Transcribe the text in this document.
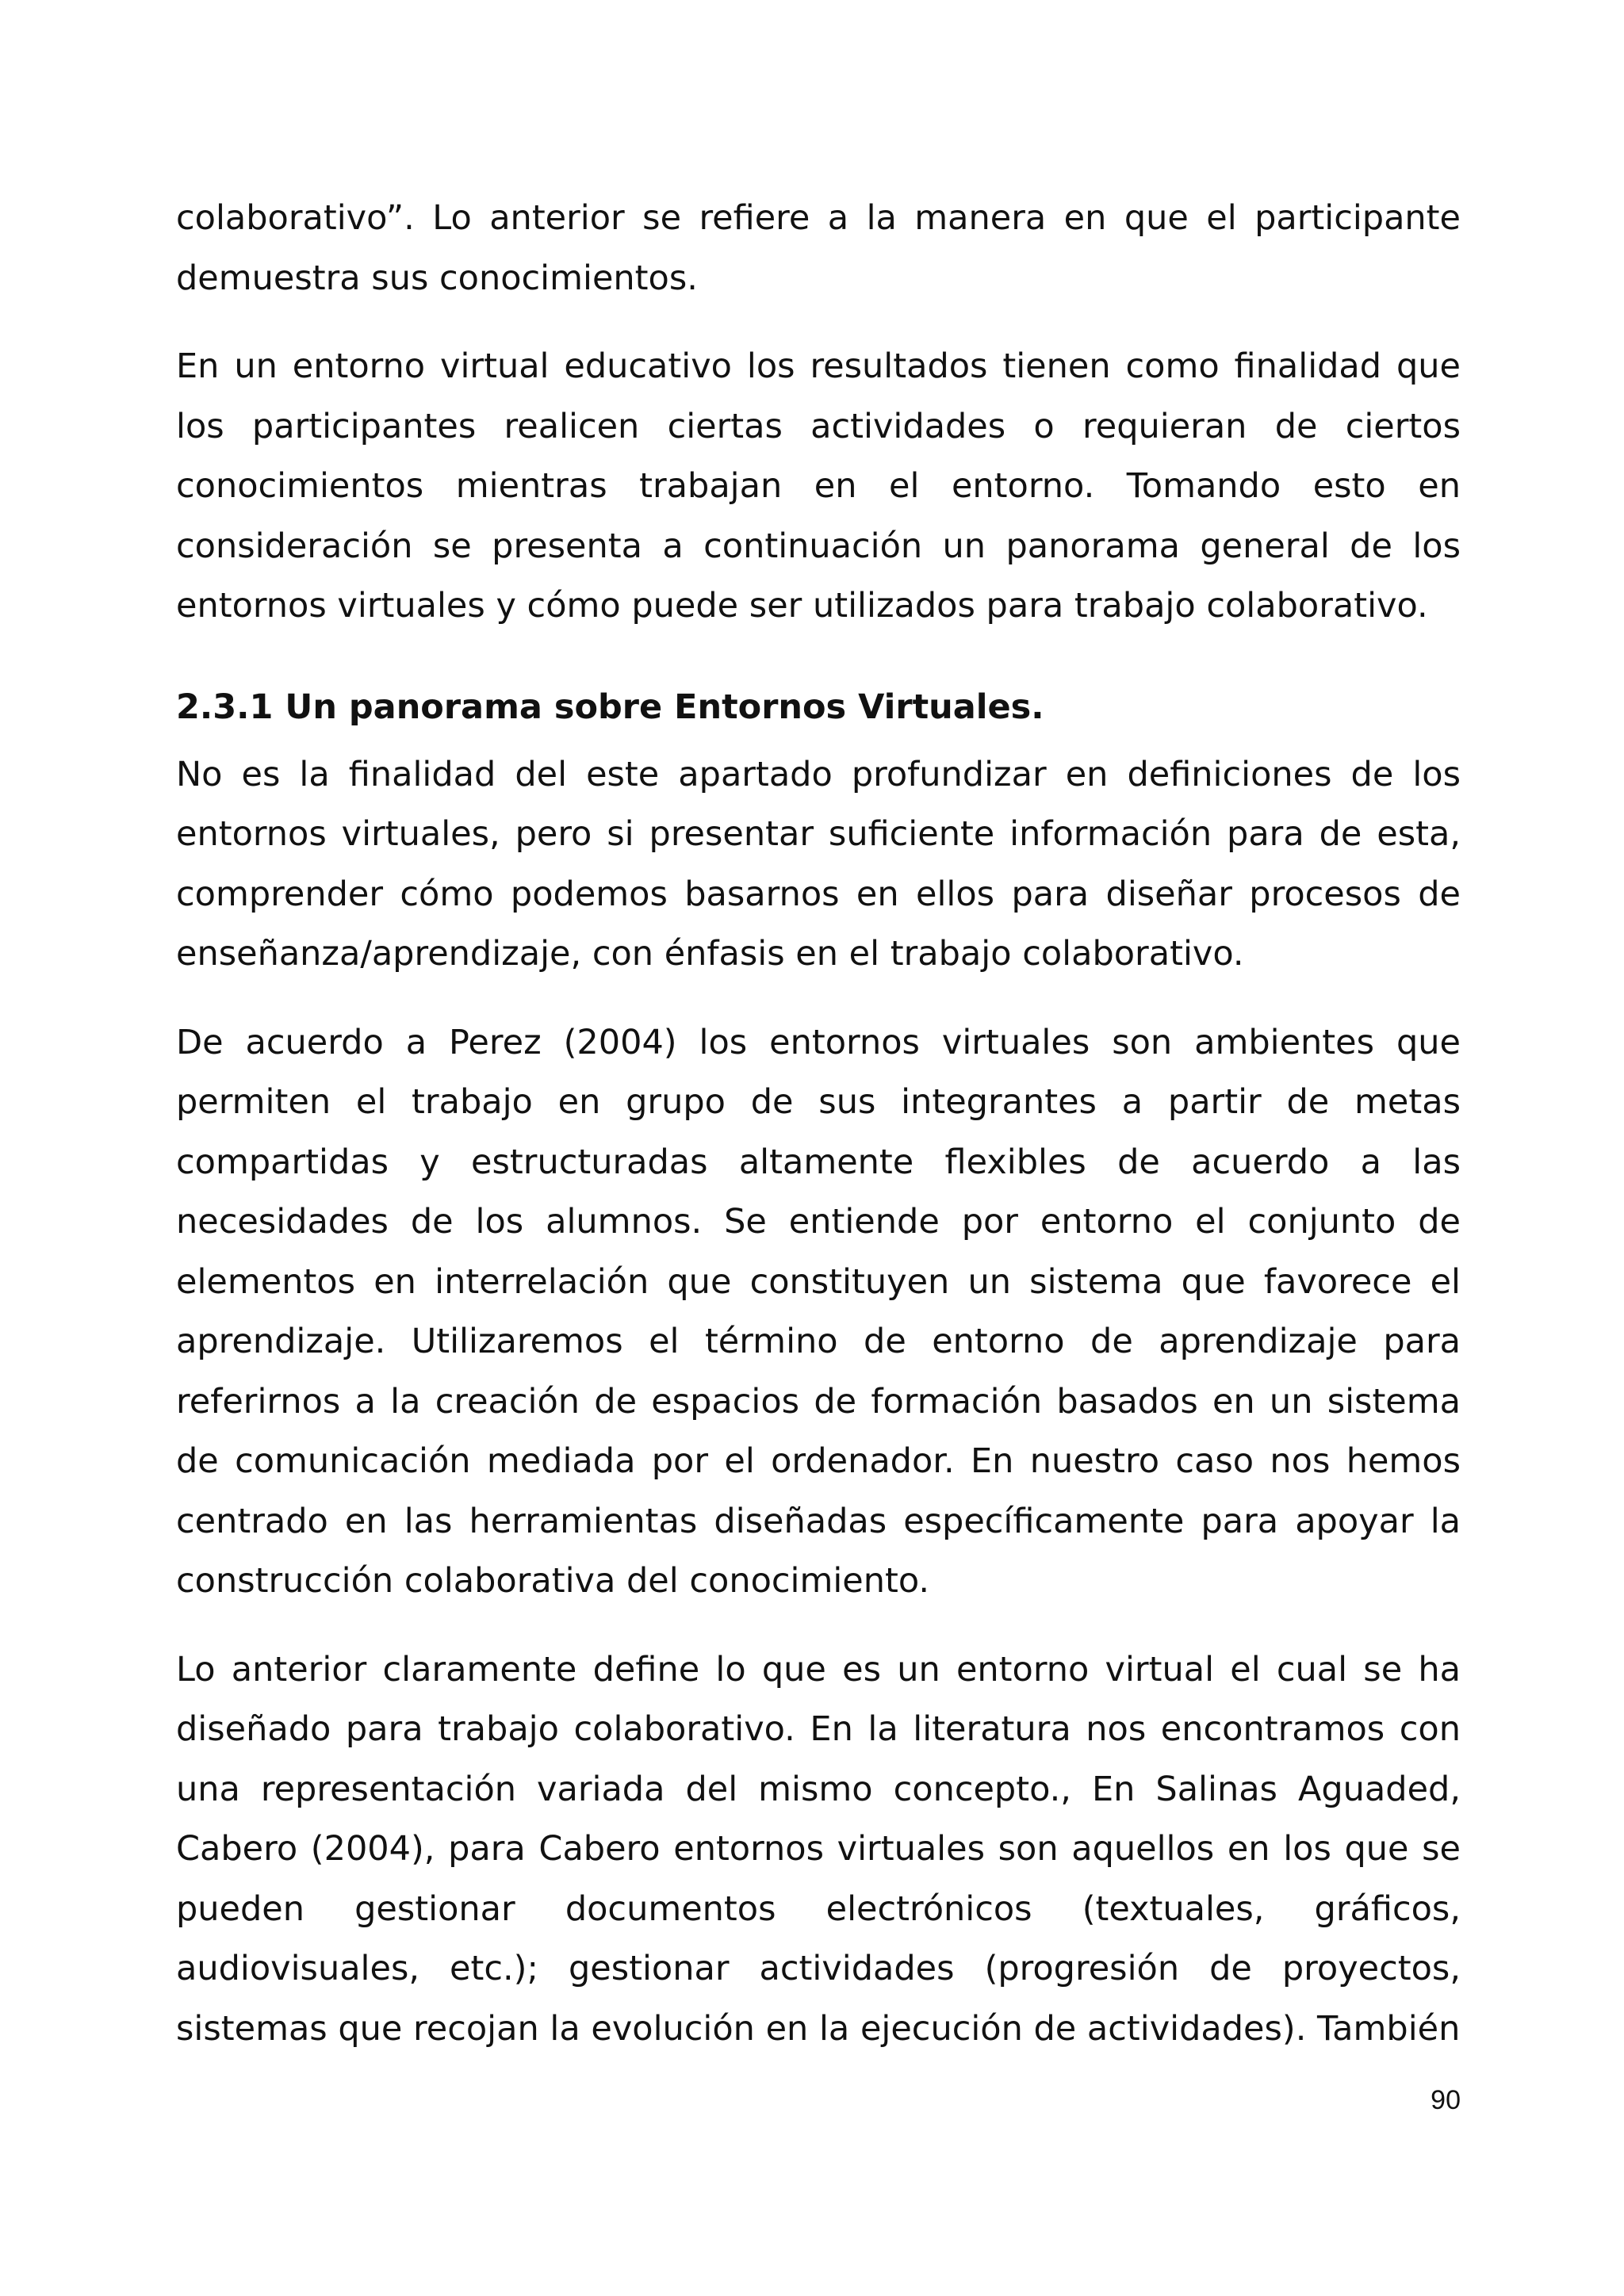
colaborativo”. Lo anterior se refiere a la manera en que el participante demuestra sus conocimientos.

En un entorno virtual educativo los resultados tienen como finalidad que los participantes realicen ciertas actividades o requieran de ciertos conocimientos mientras trabajan en el entorno. Tomando esto en consideración se presenta a continuación un panorama general de los entornos virtuales y cómo puede ser utilizados para trabajo colaborativo.

2.3.1 Un panorama sobre Entornos Virtuales.

No es la finalidad del este apartado profundizar en definiciones de los entornos virtuales, pero si presentar suficiente información para de esta, comprender cómo podemos basarnos en ellos para diseñar procesos de enseñanza/aprendizaje, con énfasis en el trabajo colaborativo.

De acuerdo a Perez (2004) los entornos virtuales son ambientes que permiten el trabajo en grupo de sus integrantes a partir de metas compartidas y estructuradas altamente flexibles de acuerdo a las necesidades de los alumnos. Se entiende por entorno el conjunto de elementos en interrelación que constituyen un sistema que favorece el aprendizaje. Utilizaremos el término de entorno de aprendizaje para referirnos a la creación de espacios de formación basados en un sistema de comunicación mediada por el ordenador. En nuestro caso nos hemos centrado en las herramientas diseñadas específicamente para apoyar la construcción colaborativa del conocimiento.

Lo anterior claramente define lo que es un entorno virtual el cual se ha diseñado para trabajo colaborativo. En la literatura nos encontramos con una representación variada del mismo concepto., En Salinas Aguaded, Cabero (2004), para Cabero entornos virtuales son aquellos en los que se pueden gestionar documentos electrónicos (textuales, gráficos, audiovisuales, etc.); gestionar actividades (progresión de proyectos, sistemas que recojan la evolución en la ejecución de actividades). También

90
